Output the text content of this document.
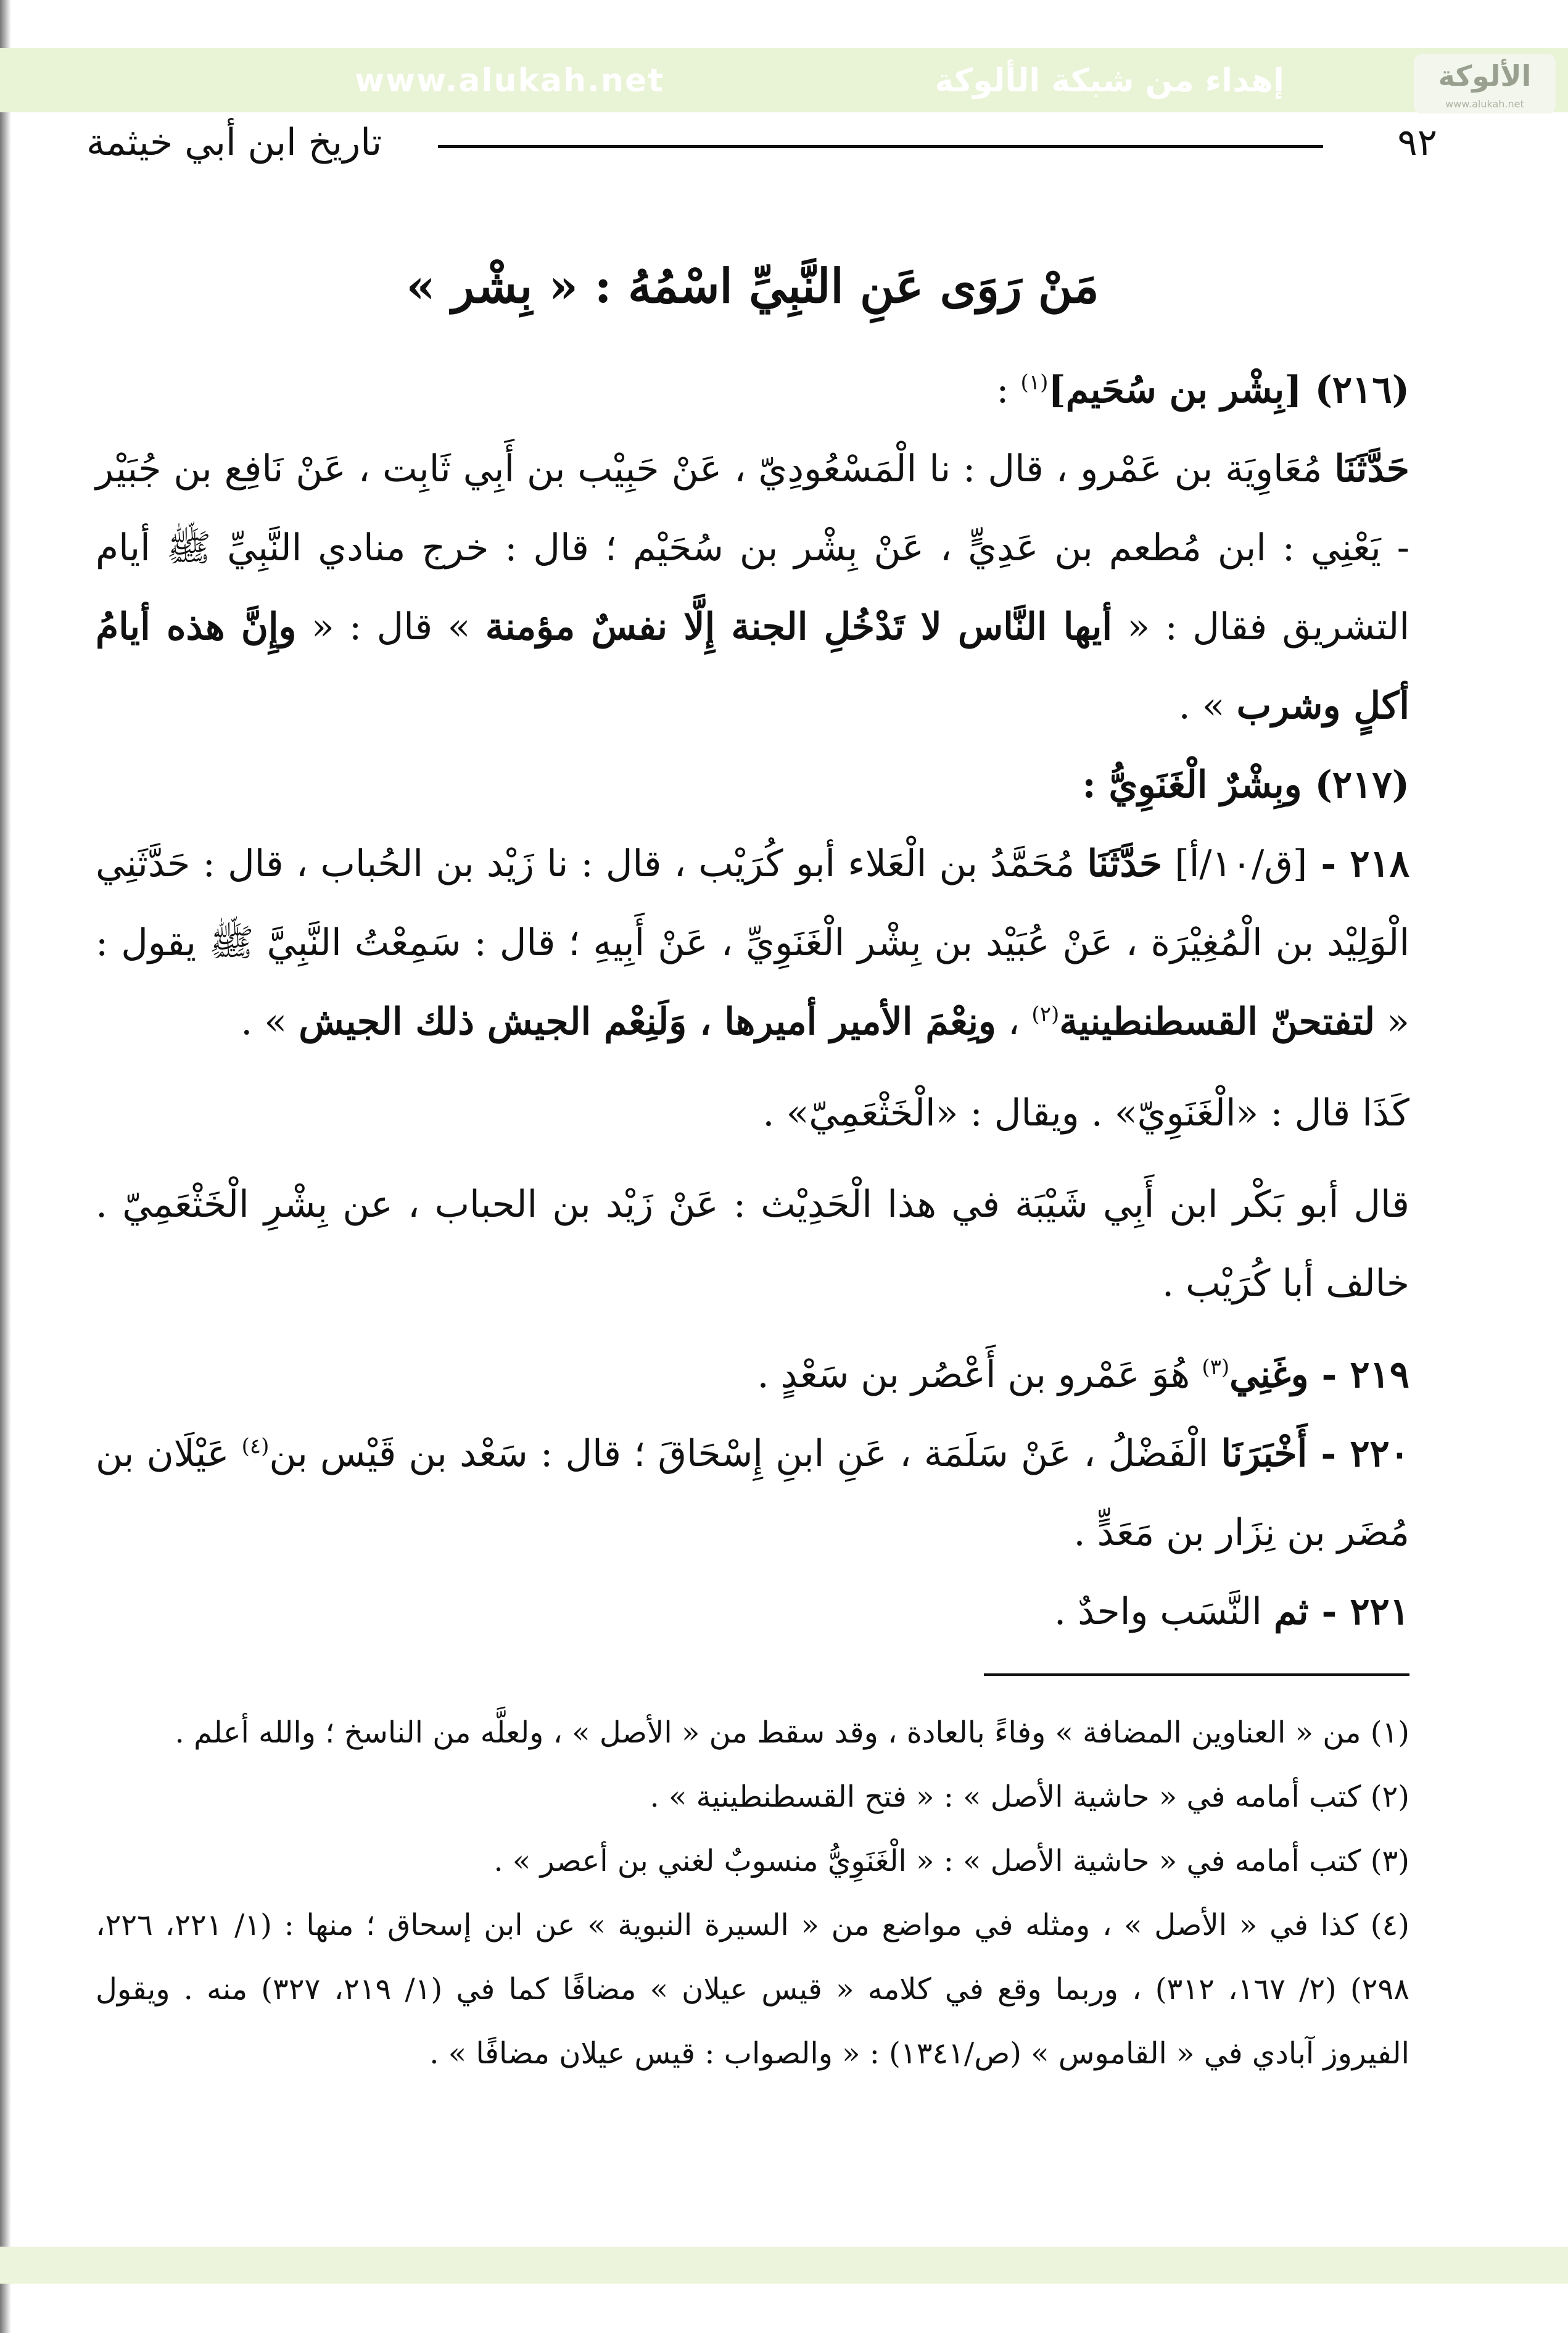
إهداء من شبكة الألوكة
www.alukah.net	الألوكة
www.alukah.net
٩٢
تاريخ ابن أبي خيثمة
مَنْ رَوَى عَنِ النَّبِيِّ اسْمُهُ : « بِشْر »

(٢١٦) [بِشْر بن سُحَيم]$^{(١)}$ :

حَدَّثَنَا مُعَاوِيَة بن عَمْرو ، قال : نا الْمَسْعُودِيّ ، عَنْ حَبِيْب بن أَبِي ثَابِت ، عَنْ نَافِع بن جُبَيْر - يَعْنِي : ابن مُطعم بن عَدِيٍّ ، عَنْ بِشْر بن سُحَيْم ؛ قال : خرج منادي النَّبِيِّ ﷺ أيام التشريق فقال : « أيها النَّاس لا تَدْخُلِ الجنة إِلَّا نفسٌ مؤمنة » قال : « وإِنَّ هذه أيامُ أكلٍ وشرب » .

(٢١٧) وبِشْرٌ الْغَنَوِيُّ :

٢١٨ - [ق/١٠/أ] حَدَّثَنَا مُحَمَّدُ بن الْعَلاء أبو كُرَيْب ، قال : نا زَيْد بن الحُباب ، قال : حَدَّثَنِي الْوَلِيْد بن الْمُغِيْرَة ، عَنْ عُبَيْد بن بِشْر الْغَنَوِيِّ ، عَنْ أَبِيهِ ؛ قال : سَمِعْتُ النَّبِيَّ ﷺ يقول : « لتفتحنّ القسطنطينية$^{(٢)}$ ، ونِعْمَ الأمير أميرها ، وَلَنِعْم الجيش ذلك الجيش » .

كَذَا قال : «الْغَنَوِيّ» . ويقال : «الْخَثْعَمِيّ» .

قال أبو بَكْر ابن أَبِي شَيْبَة في هذا الْحَدِيْث : عَنْ زَيْد بن الحباب ، عن بِشْرِ الْخَثْعَمِيّ . خالف أبا كُرَيْب .

٢١٩ - وغَنِي$^{(٣)}$ هُوَ عَمْرو بن أَعْصُر بن سَعْدٍ .

٢٢٠ - أَخْبَرَنَا الْفَضْلُ ، عَنْ سَلَمَة ، عَنِ ابنِ إِسْحَاقَ ؛ قال : سَعْد بن قَيْس بن$^{(٤)}$ عَيْلَان بن مُضَر بن نِزَار بن مَعَدٍّ .

٢٢١ - ثم النَّسَب واحدٌ .

(١) من « العناوين المضافة » وفاءً بالعادة ، وقد سقط من « الأصل » ، ولعلَّه من الناسخ ؛ والله أعلم .

(٢) كتب أمامه في « حاشية الأصل » : « فتح القسطنطينية » .

(٣) كتب أمامه في « حاشية الأصل » : « الْغَنَوِيُّ منسوبٌ لغني بن أعصر » .

(٤) كذا في « الأصل » ، ومثله في مواضع من « السيرة النبوية » عن ابن إسحاق ؛ منها : (١/ ٢٢١، ٢٢٦، ٢٩٨) (٢/ ١٦٧، ٣١٢) ، وربما وقع في كلامه « قيس عيلان » مضافًا كما في (١/ ٢١٩، ٣٢٧) منه . ويقول الفيروز آبادي في « القاموس » (ص/١٣٤١) : « والصواب : قيس عيلان مضافًا » .
